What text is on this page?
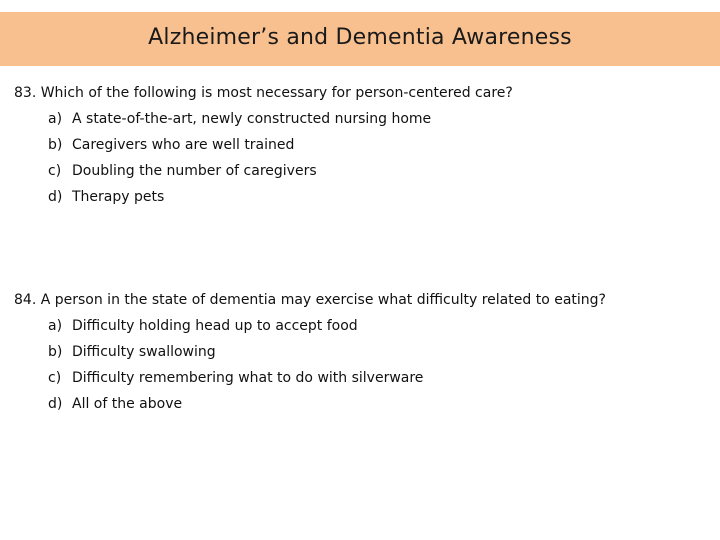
Alzheimer’s and Dementia Awareness
83. Which of the following is most necessary for person-centered care?
a) A state-of-the-art, newly constructed nursing home
b) Caregivers who are well trained
c) Doubling the number of caregivers
d) Therapy pets
84. A person in the state of dementia may exercise what difficulty related to eating?
a) Difficulty holding head up to accept food
b) Difficulty swallowing
c) Difficulty remembering what to do with silverware
d) All of the above
